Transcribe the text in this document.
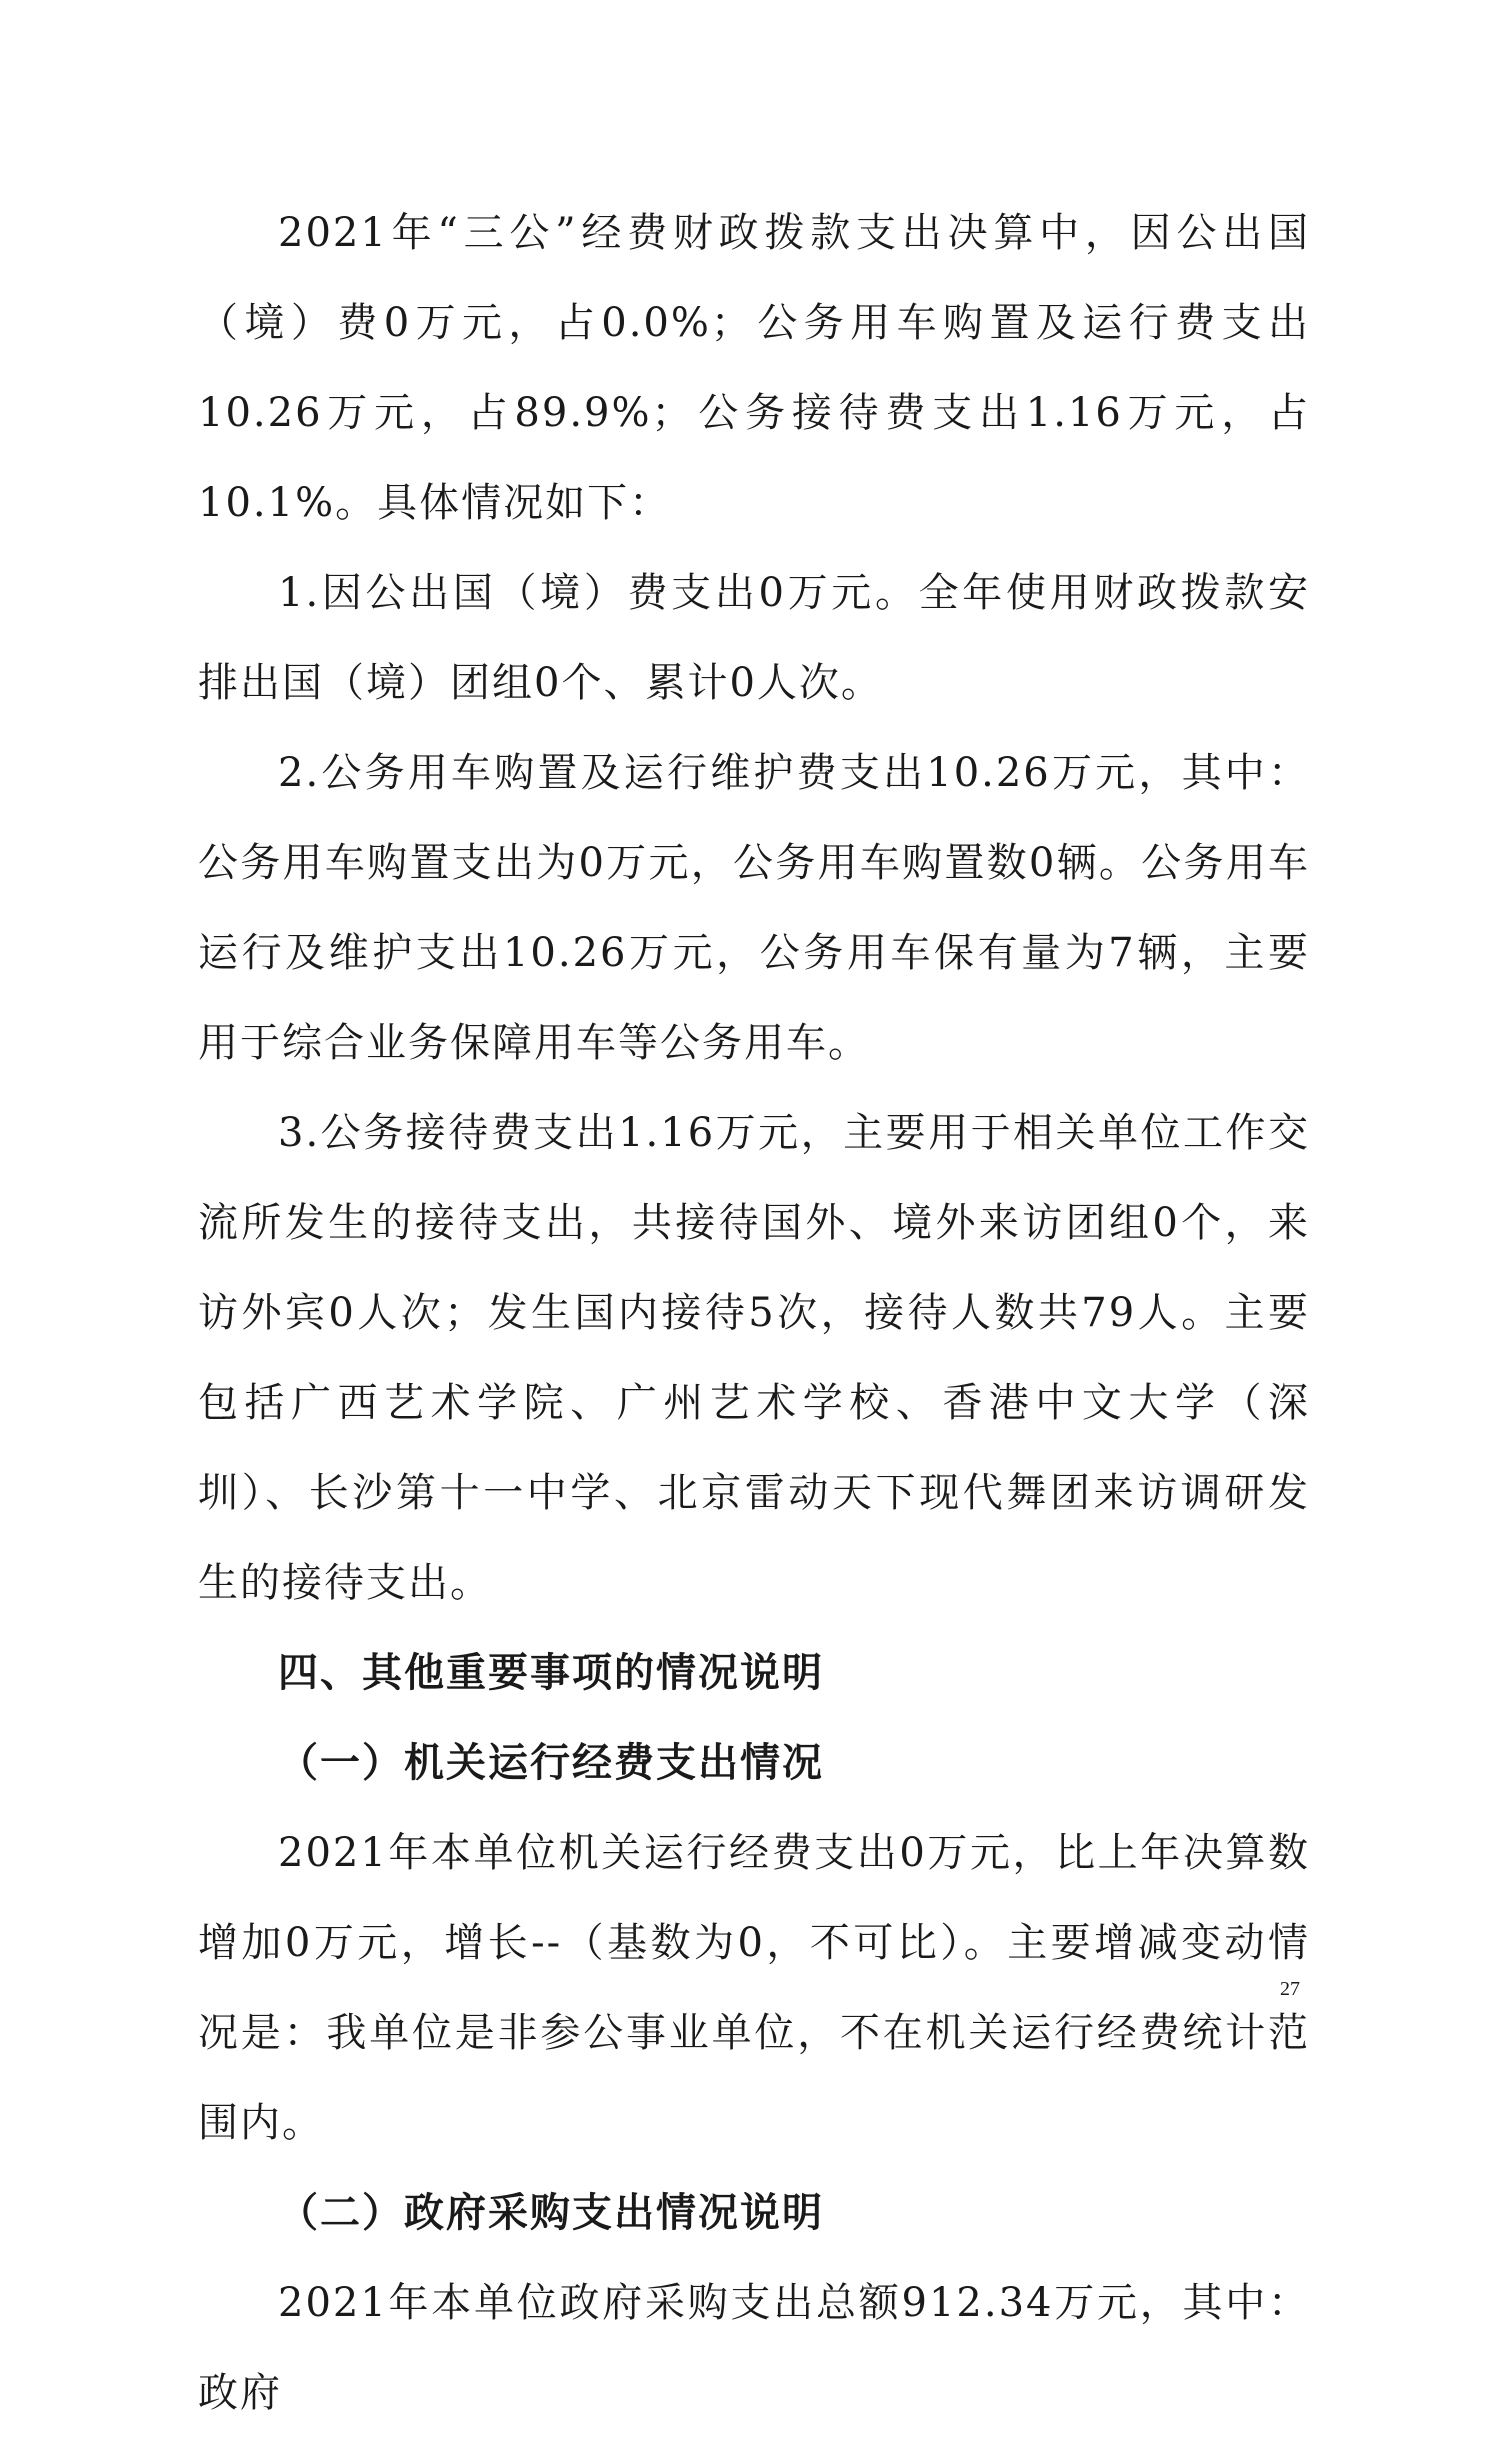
2021年“三公”经费财政拨款支出决算中，因公出国（境）费0万元，占0.0%；公务用车购置及运行费支出10.26万元，占89.9%；公务接待费支出1.16万元，占10.1%。具体情况如下：

1.因公出国（境）费支出0万元。全年使用财政拨款安排出国（境）团组0个、累计0人次。

2.公务用车购置及运行维护费支出10.26万元，其中：公务用车购置支出为0万元，公务用车购置数0辆。公务用车运行及维护支出10.26万元，公务用车保有量为7辆，主要用于综合业务保障用车等公务用车。

3.公务接待费支出1.16万元，主要用于相关单位工作交流所发生的接待支出，共接待国外、境外来访团组0个，来访外宾0人次；发生国内接待5次，接待人数共79人。主要包括广西艺术学院、广州艺术学校、香港中文大学（深圳）、长沙第十一中学、北京雷动天下现代舞团来访调研发生的接待支出。

四、其他重要事项的情况说明
（一）机关运行经费支出情况

2021年本单位机关运行经费支出0万元，比上年决算数增加0万元，增长--（基数为0，不可比）。主要增减变动情况是：我单位是非参公事业单位，不在机关运行经费统计范围内。

（二）政府采购支出情况说明

2021年本单位政府采购支出总额912.34万元，其中：政府

27
